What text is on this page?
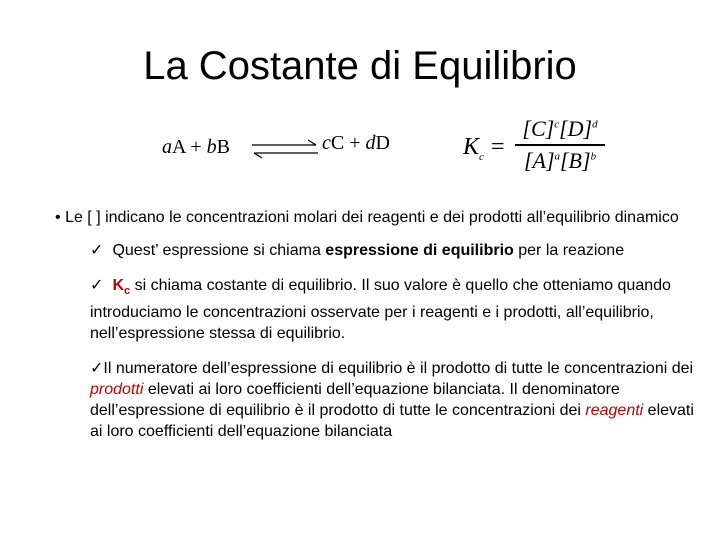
La Costante di Equilibrio
aA + bB ⇌ cC + dD	$K_c$ =
$[C]^c[D]^d$
$[A]^a[B]^b$

• Le [ ] indicano le concentrazioni molari dei reagenti e dei prodotti all’equilibrio dinamico

✓ Quest’ espressione si chiama espressione di equilibrio per la reazione

✓ $K_c$ si chiama costante di equilibrio. Il suo valore è quello che otteniamo quando introduciamo le concentrazioni osservate per i reagenti e i prodotti, all’equilibrio, nell’espressione stessa di equilibrio.

✓Il numeratore dell’espressione di equilibrio è il prodotto di tutte le concentrazioni dei prodotti elevati ai loro coefficienti dell’equazione bilanciata. Il denominatore dell’espressione di equilibrio è il prodotto di tutte le concentrazioni dei reagenti elevati ai loro coefficienti dell’equazione bilanciata
